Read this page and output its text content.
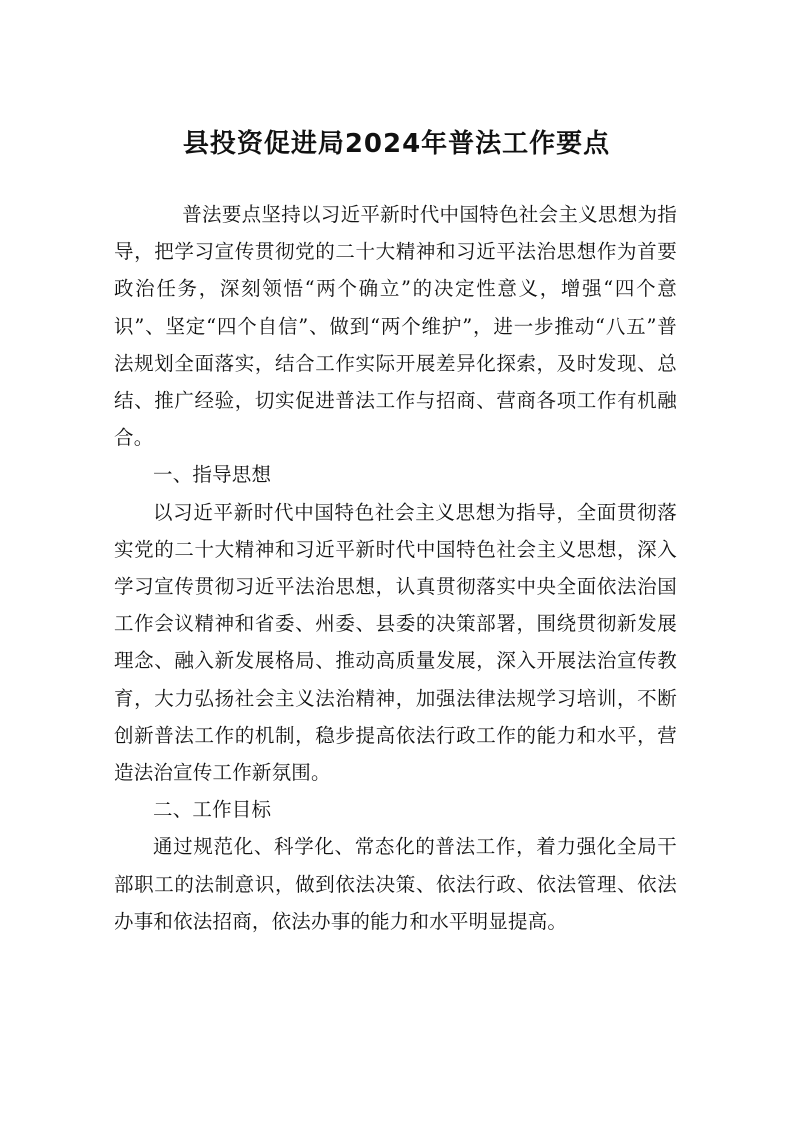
县投资促进局2024年普法工作要点

普法要点坚持以习近平新时代中国特色社会主义思想为指导，把学习宣传贯彻党的二十大精神和习近平法治思想作为首要政治任务，深刻领悟“两个确立”的决定性意义，增强“四个意识”、坚定“四个自信”、做到“两个维护”，进一步推动“八五”普法规划全面落实，结合工作实际开展差异化探索，及时发现、总结、推广经验，切实促进普法工作与招商、营商各项工作有机融合。

一、指导思想

以习近平新时代中国特色社会主义思想为指导，全面贯彻落实党的二十大精神和习近平新时代中国特色社会主义思想，深入学习宣传贯彻习近平法治思想，认真贯彻落实中央全面依法治国工作会议精神和省委、州委、县委的决策部署，围绕贯彻新发展理念、融入新发展格局、推动高质量发展，深入开展法治宣传教育，大力弘扬社会主义法治精神，加强法律法规学习培训，不断创新普法工作的机制，稳步提高依法行政工作的能力和水平，营造法治宣传工作新氛围。

二、工作目标

通过规范化、科学化、常态化的普法工作，着力强化全局干部职工的法制意识，做到依法决策、依法行政、依法管理、依法办事和依法招商，依法办事的能力和水平明显提高。
